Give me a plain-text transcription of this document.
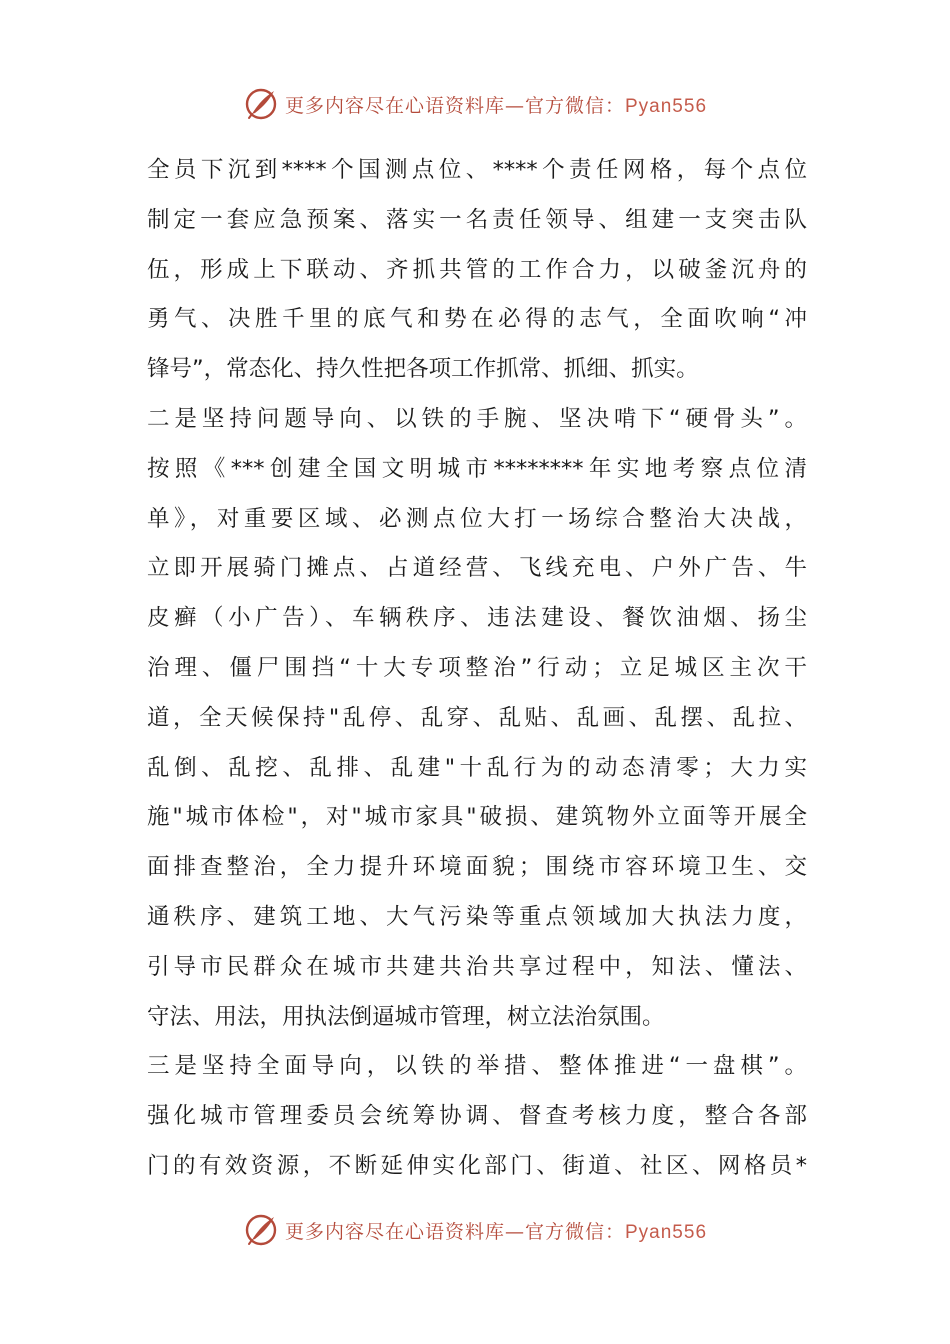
更多内容尽在心语资料库—官方微信：Pyan556
全员下沉到****个国测点位、****个责任网格，每个点位
制定一套应急预案、落实一名责任领导、组建一支突击队
伍，形成上下联动、齐抓共管的工作合力，以破釜沉舟的
勇气、决胜千里的底气和势在必得的志气，全面吹响“冲
锋号”，常态化、持久性把各项工作抓常、抓细、抓实。
二是坚持问题导向、以铁的手腕、坚决啃下“硬骨头”。
按照《***创建全国文明城市********年实地考察点位清
单》，对重要区域、必测点位大打一场综合整治大决战，
立即开展骑门摊点、占道经营、飞线充电、户外广告、牛
皮癣（小广告）、车辆秩序、违法建设、餐饮油烟、扬尘
治理、僵尸围挡“十大专项整治”行动；立足城区主次干
道，全天候保持"乱停、乱穿、乱贴、乱画、乱摆、乱拉、
乱倒、乱挖、乱排、乱建"十乱行为的动态清零；大力实
施"城市体检"，对"城市家具"破损、建筑物外立面等开展全
面排查整治，全力提升环境面貌；围绕市容环境卫生、交
通秩序、建筑工地、大气污染等重点领域加大执法力度，
引导市民群众在城市共建共治共享过程中，知法、懂法、
守法、用法，用执法倒逼城市管理，树立法治氛围。
三是坚持全面导向，以铁的举措、整体推进“一盘棋”。
强化城市管理委员会统筹协调、督查考核力度，整合各部
门的有效资源，不断延伸实化部门、街道、社区、网格员*
更多内容尽在心语资料库—官方微信：Pyan556
